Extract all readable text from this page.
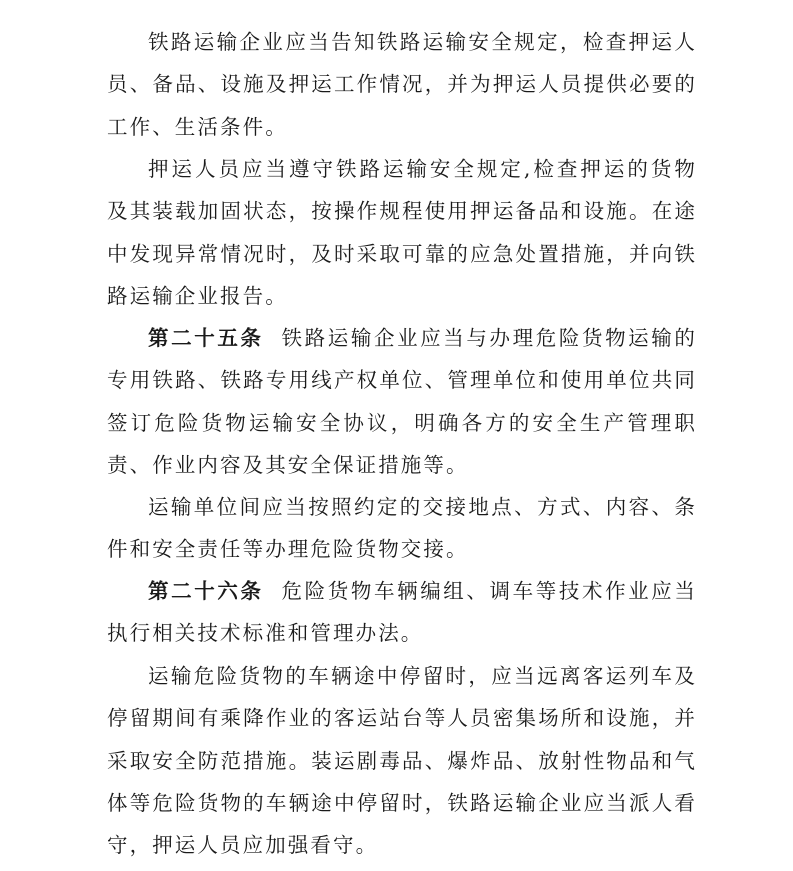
铁路运输企业应当告知铁路运输安全规定，检查押运人员、备品、设施及押运工作情况，并为押运人员提供必要的工作、生活条件。

押运人员应当遵守铁路运输安全规定,检查押运的货物及其装载加固状态，按操作规程使用押运备品和设施。在途中发现异常情况时，及时采取可靠的应急处置措施，并向铁路运输企业报告。

第二十五条 铁路运输企业应当与办理危险货物运输的专用铁路、铁路专用线产权单位、管理单位和使用单位共同签订危险货物运输安全协议，明确各方的安全生产管理职责、作业内容及其安全保证措施等。

运输单位间应当按照约定的交接地点、方式、内容、条件和安全责任等办理危险货物交接。

第二十六条 危险货物车辆编组、调车等技术作业应当执行相关技术标准和管理办法。

运输危险货物的车辆途中停留时，应当远离客运列车及停留期间有乘降作业的客运站台等人员密集场所和设施，并采取安全防范措施。装运剧毒品、爆炸品、放射性物品和气体等危险货物的车辆途中停留时，铁路运输企业应当派人看守，押运人员应加强看守。
